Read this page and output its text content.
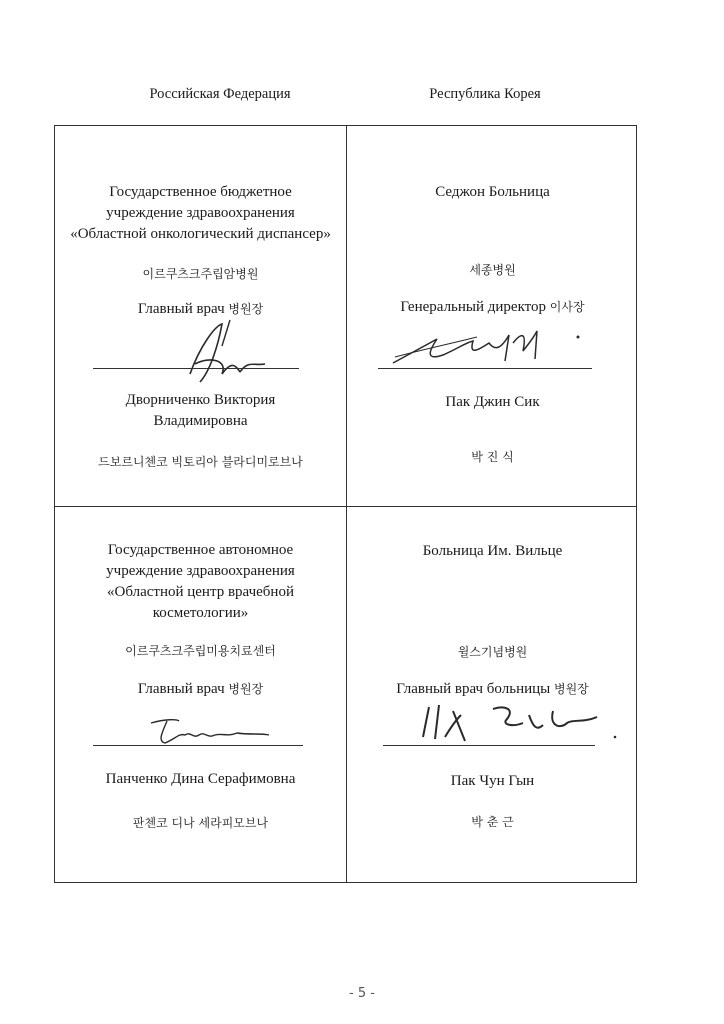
Российская Федерация	Республика Корея
Государственное бюджетное
учреждение здравоохранения
«Областной онкологический диспансер»
이르쿠츠크주립암병원
Главный врач 병원장
Дворниченко Виктория
Владимировна
드보르니첸코 빅토리아 블라디미로브나
Седжон Больница
세종병원
Генеральный директор 이사장
Пак Джин Сик
박 진 식
Государственное автономное
учреждение здравоохранения
«Областной центр врачебной
косметологии»
이르쿠츠크주립미용치료센터
Главный врач 병원장
Панченко Дина Серафимовна
판첸코 디나 세라피모브나
Больница Им. Вильце
윌스기념병원
Главный врач больницы 병원장
Пак Чун Гын
박 춘 근
- 5 -
